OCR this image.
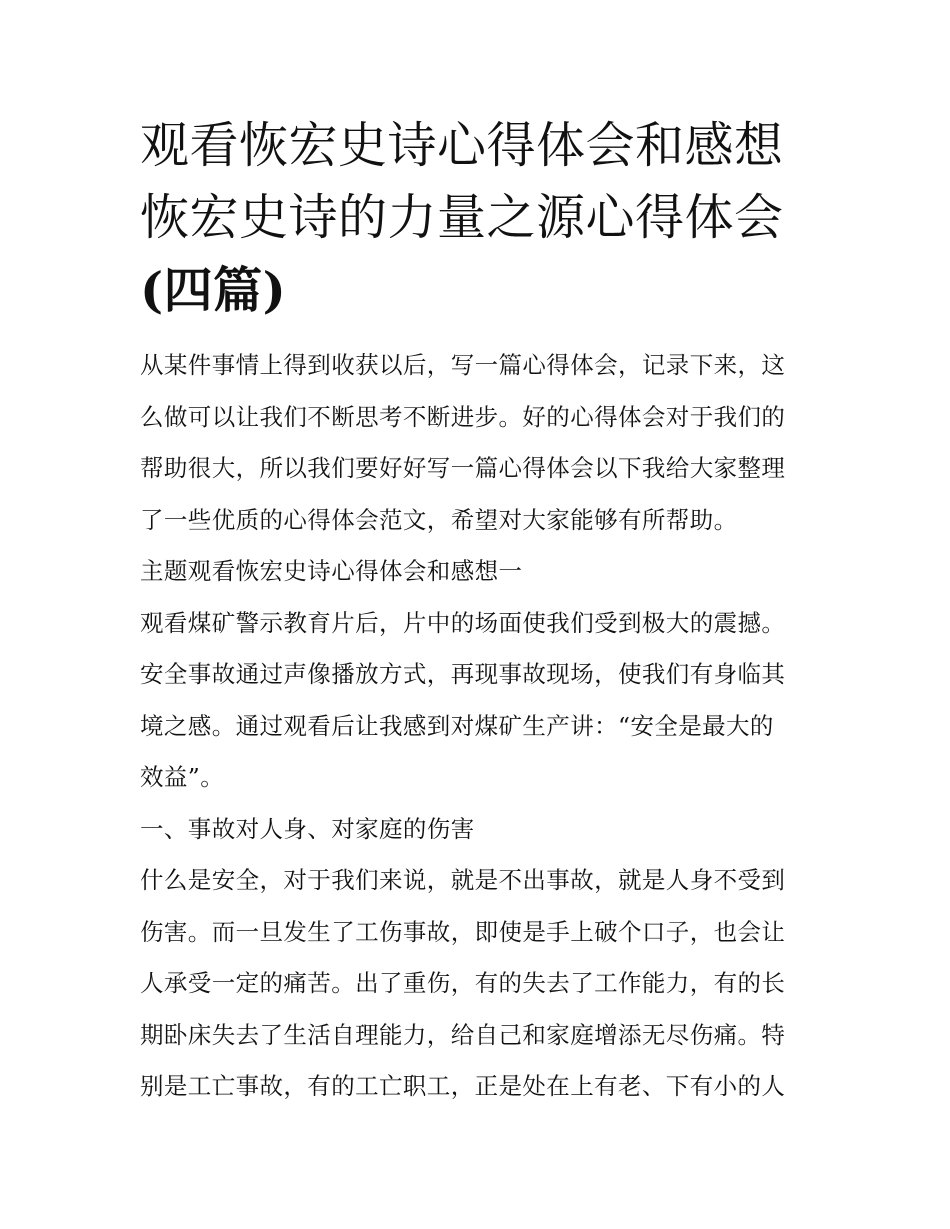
观看恢宏史诗心得体会和感想
恢宏史诗的力量之源心得体会
(四篇)

从某件事情上得到收获以后，写一篇心得体会，记录下来，这
么做可以让我们不断思考不断进步。好的心得体会对于我们的
帮助很大，所以我们要好好写一篇心得体会以下我给大家整理
了一些优质的心得体会范文，希望对大家能够有所帮助。

主题观看恢宏史诗心得体会和感想一

观看煤矿警示教育片后，片中的场面使我们受到极大的震撼。
安全事故通过声像播放方式，再现事故现场，使我们有身临其
境之感。通过观看后让我感到对煤矿生产讲：“安全是最大的
效益”。

一、事故对人身、对家庭的伤害

什么是安全，对于我们来说，就是不出事故，就是人身不受到
伤害。而一旦发生了工伤事故，即使是手上破个口子，也会让
人承受一定的痛苦。出了重伤，有的失去了工作能力，有的长
期卧床失去了生活自理能力，给自己和家庭增添无尽伤痛。特
别是工亡事故，有的工亡职工，正是处在上有老、下有小的人
